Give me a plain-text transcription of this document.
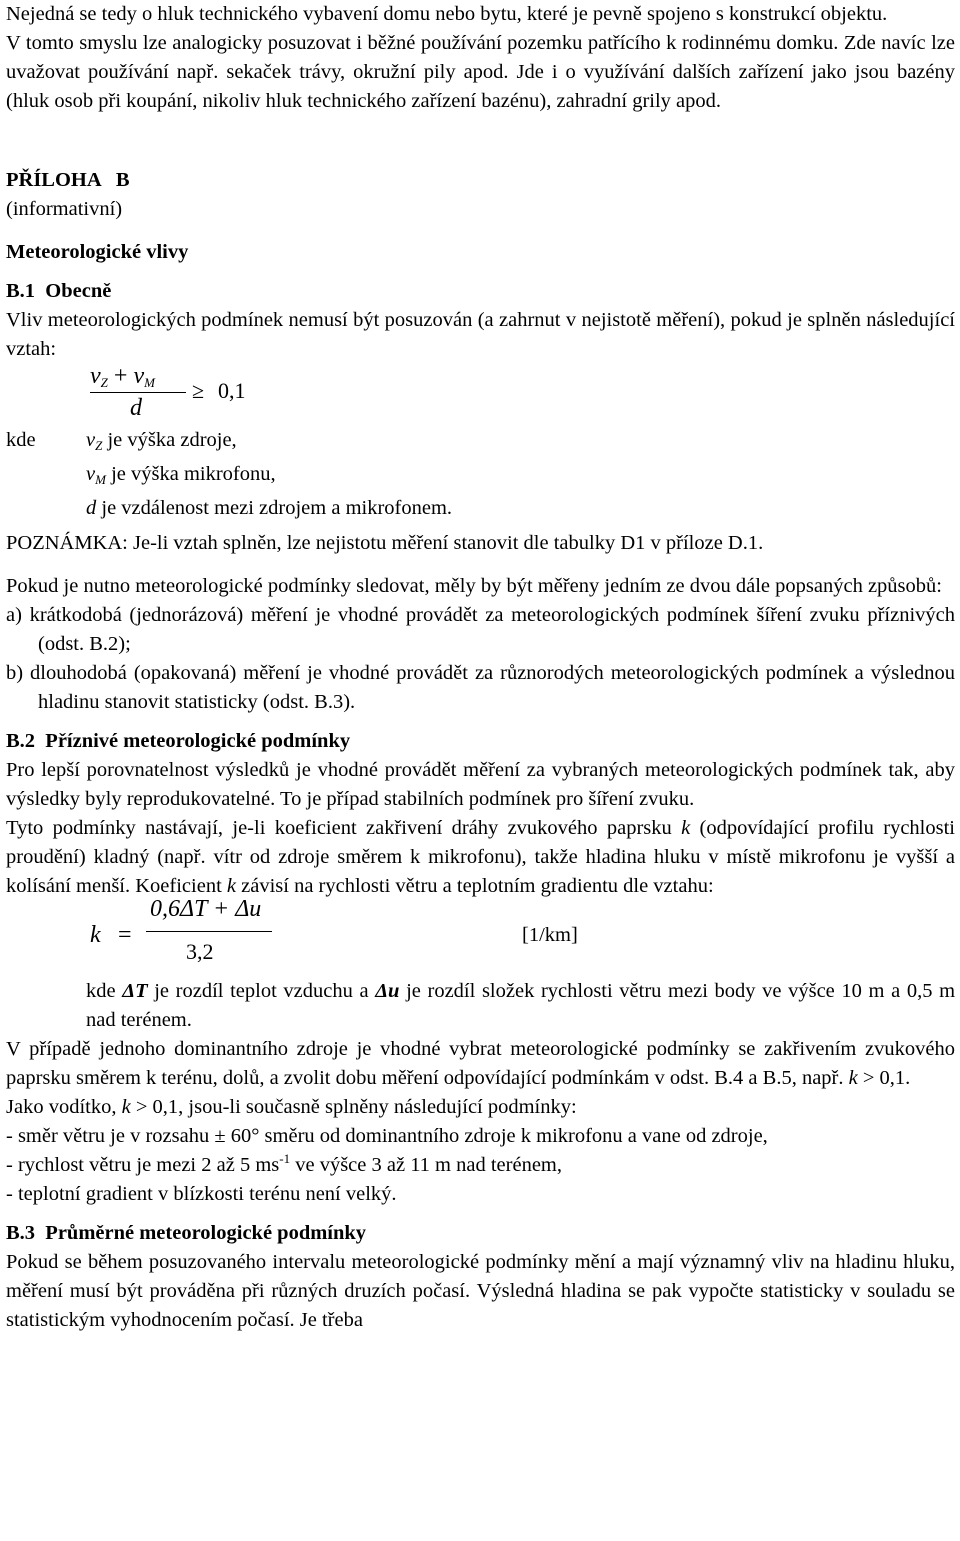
Nejedná se tedy o hluk technického vybavení domu nebo bytu, které je pevně spojeno s konstrukcí objektu.

V tomto smyslu lze analogicky posuzovat i běžné používání pozemku patřícího k rodinnému domku. Zde navíc lze uvažovat používání např. sekaček trávy, okružní pily apod. Jde i o využívání dalších zařízení jako jsou bazény (hluk osob při koupání, nikoliv hluk technického zařízení bazénu), zahradní grily apod.

PŘÍLOHA   B

(informativní)

Meteorologické vlivy

B.1  Obecně

Vliv meteorologických podmínek nemusí být posuzován (a zahrnut v nejistotě měření), pokud je splněn následující vztah:

$v_Z + v_M$
d
≥ 0,1
kde $v_Z$ je výška zdroje,
$v_M$ je výška mikrofonu,
d je vzdálenost mezi zdrojem a mikrofonem.

POZNÁMKA: Je-li vztah splněn, lze nejistotu měření stanovit dle tabulky D1 v příloze D.1.

Pokud je nutno meteorologické podmínky sledovat, měly by být měřeny jedním ze dvou dále popsaných způsobů:

a) krátkodobá (jednorázová) měření je vhodné provádět za meteorologických podmínek šíření zvuku příznivých (odst. B.2);

b) dlouhodobá (opakovaná) měření je vhodné provádět za různorodých meteorologických podmínek a výslednou hladinu stanovit statisticky (odst. B.3).

B.2  Příznivé meteorologické podmínky

Pro lepší porovnatelnost výsledků je vhodné provádět měření za vybraných meteorologických podmínek tak, aby výsledky byly reprodukovatelné. To je případ stabilních podmínek pro šíření zvuku.

Tyto podmínky nastávají, je-li koeficient zakřivení dráhy zvukového paprsku k (odpovídající profilu rychlosti proudění) kladný (např. vítr od zdroje směrem k mikrofonu), takže hladina hluku v místě mikrofonu je vyšší a kolísání menší. Koeficient k závisí na rychlosti větru a teplotním gradientu dle vztahu:

k =
0,6ΔT + Δu
3,2
[1/km]

kde ΔT je rozdíl teplot vzduchu a Δu je rozdíl složek rychlosti větru mezi body ve výšce 10 m a 0,5 m nad terénem.

V případě jednoho dominantního zdroje je vhodné vybrat meteorologické podmínky se zakřivením zvukového paprsku směrem k terénu, dolů, a zvolit dobu měření odpovídající podmínkám v odst. B.4 a B.5, např. k > 0,1.

Jako vodítko, k > 0,1, jsou-li současně splněny následující podmínky:

- směr větru je v rozsahu ± 60° směru od dominantního zdroje k mikrofonu a vane od zdroje,

- rychlost větru je mezi 2 až 5 $ms^{-1}$ ve výšce 3 až 11 m nad terénem,

- teplotní gradient v blízkosti terénu není velký.

B.3  Průměrné meteorologické podmínky

Pokud se během posuzovaného intervalu meteorologické podmínky mění a mají významný vliv na hladinu hluku, měření musí být prováděna při různých druzích počasí. Výsledná hladina se pak vypočte statisticky v souladu se statistickým vyhodnocením počasí. Je třeba
